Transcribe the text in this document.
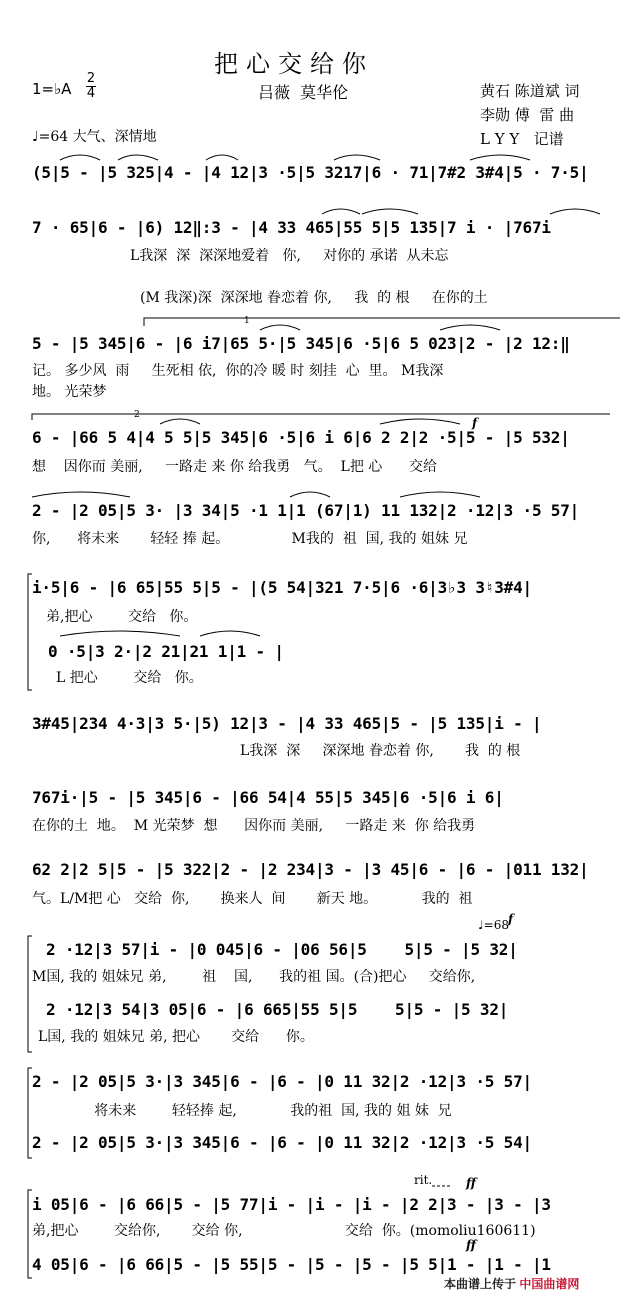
把心交给你
吕薇  莫华伦
1=♭A
2
4	黄石 陈道斌 词
李勋 傅  雷 曲
L Y Y   记谱
♩=64 大气、深情地
(5|5 - |5 325|4 - |4 12|3 ·5|5 3217|6 · 71|7#2 3#4|5 · 7·5|
7 · 65|6 - |6) 12‖:3 - |4 33 465|55 5|5 135|7 i · |767i
L我深  深  深深地爱着   你,     对你的 承诺  从未忘
(M 我深)深  深深地 眷恋着 你,     我  的 根     在你的土
5 - |5 345|6 - |6 i7|65 5·|5 345|6 ·5|6 5 023|2 - |2 12:‖
记。 多少风  雨     生死相 依,  你的冷 暖 时 刻挂  心  里。 M我深
地。 光荣梦
6 - |66 5 4|4 5 5|5 345|6 ·5|6 i 6|6 2 2|2 ·5|5 - |5 532|
想    因你而 美丽,     一路走 来 你 给我勇   气。  L把 心      交给
2 - |2 05|5 3· |3 34|5 ·1 1|1 (67|1) 11 132|2 ·12|3 ·5 57|
你,      将未来       轻轻 捧 起。              M我的  祖  国, 我的 姐妹 兄
i·5|6 - |6 65|55 5|5 - |(5 54|321 7·5|6 ·6|3♭3 3♮3#4|
弟,把心        交给   你。
0 ·5|3 2·|2 21|21 1|1 - |
L 把心        交给   你。
3#45|234 4·3|3 5·|5) 12|3 - |4 33 465|5 - |5 135|i - |
L我深  深     深深地 眷恋着 你,       我  的 根
767i·|5 - |5 345|6 - |66 54|4 55|5 345|6 ·5|6 i 6|
在你的土  地。  M 光荣梦  想      因你而 美丽,     一路走 来  你 给我勇
62 2|2 5|5 - |5 322|2 - |2 234|3 - |3 45|6 - |6 - |011 132|
气。L/M把 心   交给  你,       换来人  间       新天 地。          我的  祖
♩=68
2 ·12|3 57|i - |0 045|6 - |06 56|5    5|5 - |5 32|
M国, 我的 姐妹兄 弟,        祖    国,      我的祖 国。(合)把心     交给你,
2 ·12|3 54|3 05|6 - |6 665|55 5|5    5|5 - |5 32|
L国, 我的 姐妹兄 弟, 把心       交给      你。
2 - |2 05|5 3·|3 345|6 - |6 - |0 11 32|2 ·12|3 ·5 57|
将未来        轻轻捧 起,            我的祖  国, 我的 姐 妹  兄
2 - |2 05|5 3·|3 345|6 - |6 - |0 11 32|2 ·12|3 ·5 54|
rit.	ff
i 05|6 - |6 66|5 - |5 77|i - |i - |i - |2 2|3 - |3 - |3
弟,把心        交给你,       交给 你,                       交给  你。(momoliu160611)
ff
4 05|6 - |6 66|5 - |5 55|5 - |5 - |5 - |5 5|1 - |1 - |1
f
f
1
2
本曲谱上传于 中国曲谱网
